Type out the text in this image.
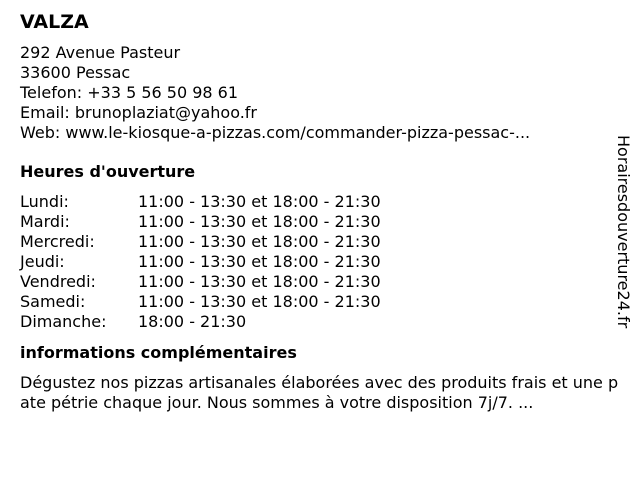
VALZA
292 Avenue Pasteur
33600 Pessac
Telefon: +33 5 56 50 98 61
Email: brunoplaziat@yahoo.fr
Web: www.le-kiosque-a-pizzas.com/commander-pizza-pessac-...
Heures d'ouverture
Lundi:	11:00 - 13:30 et 18:00 - 21:30
Mardi:	11:00 - 13:30 et 18:00 - 21:30
Mercredi:	11:00 - 13:30 et 18:00 - 21:30
Jeudi:	11:00 - 13:30 et 18:00 - 21:30
Vendredi:	11:00 - 13:30 et 18:00 - 21:30
Samedi:	11:00 - 13:30 et 18:00 - 21:30
Dimanche:	18:00 - 21:30
informations complémentaires
Dégustez nos pizzas artisanales élaborées avec des produits frais et une pate pétrie chaque jour. Nous sommes à votre disposition 7j/7. ...
Horairesdouverture24.fr
